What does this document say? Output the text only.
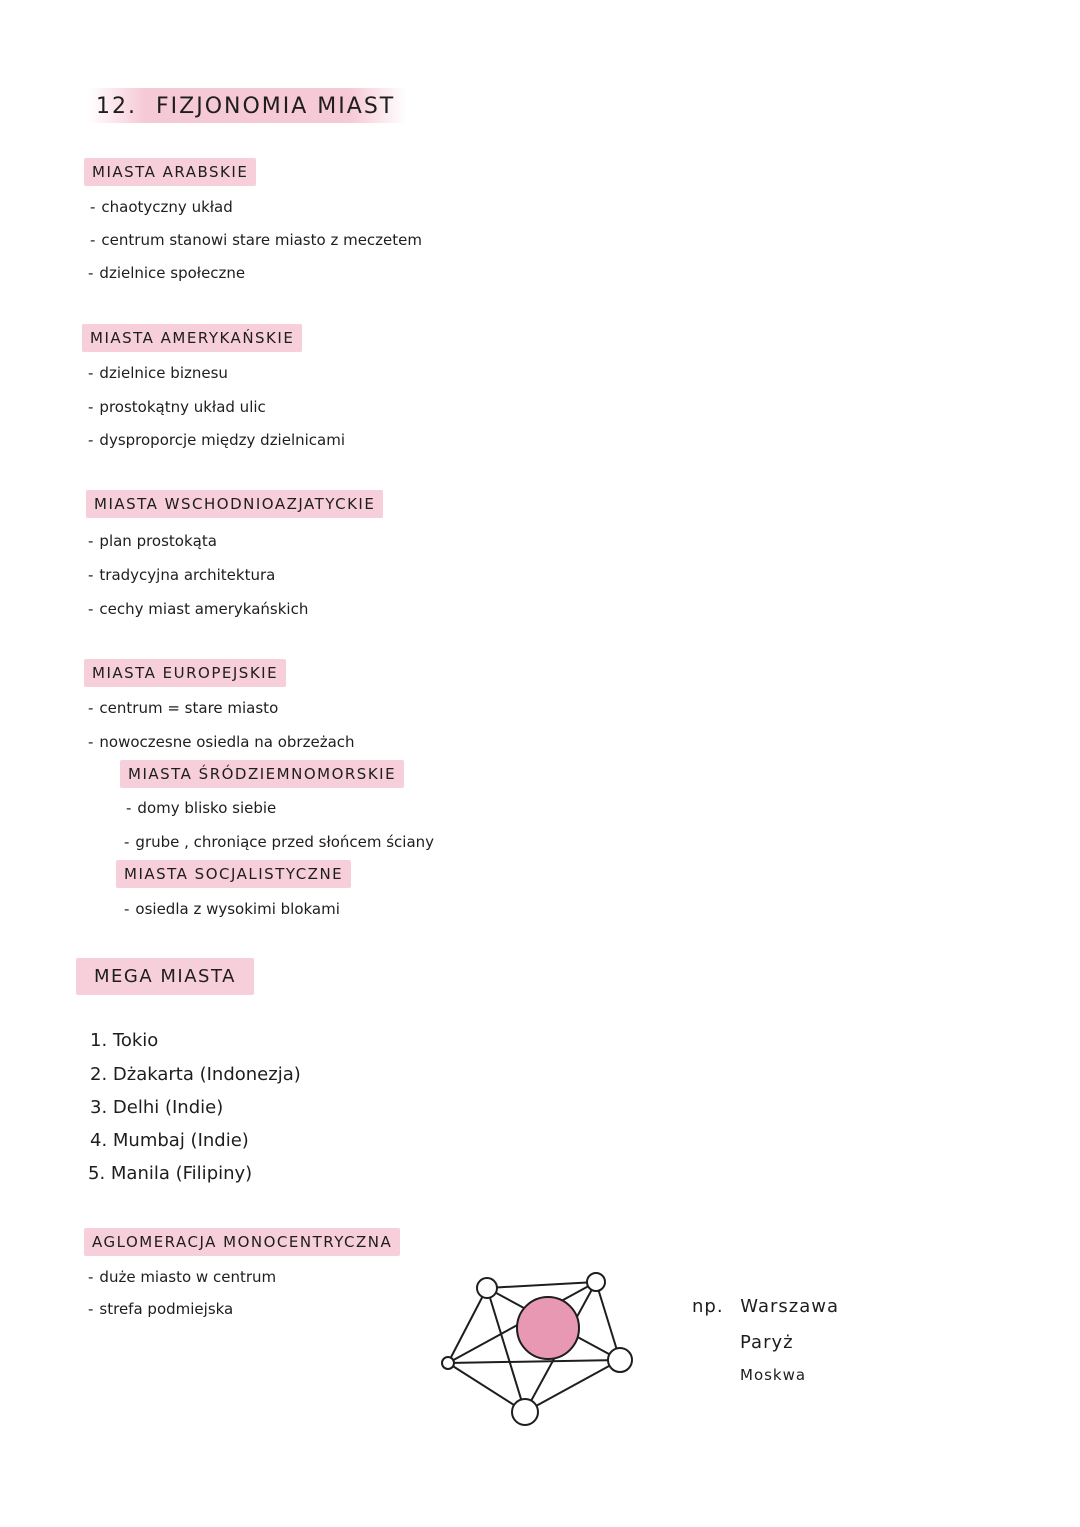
12. FIZJONOMIA MIAST
MIASTA ARABSKIE
- chaotyczny układ
- centrum stanowi stare miasto z meczetem
- dzielnice społeczne
MIASTA AMERYKAŃSKIE
- dzielnice biznesu
- prostokątny układ ulic
- dysproporcje między dzielnicami
MIASTA WSCHODNIOAZJATYCKIE
- plan prostokąta
- tradycyjna architektura
- cechy miast amerykańskich
MIASTA EUROPEJSKIE
- centrum = stare miasto
- nowoczesne osiedla na obrzeżach
MIASTA ŚRÓDZIEMNOMORSKIE
- domy blisko siebie
- grube , chroniące przed słońcem ściany
MIASTA SOCJALISTYCZNE
- osiedla z wysokimi blokami
MEGA MIASTA
1. Tokio
2. Dżakarta (Indonezja)
3. Delhi (Indie)
4. Mumbaj (Indie)
5. Manila (Filipiny)
AGLOMERACJA MONOCENTRYCZNA
- duże miasto w centrum
- strefa podmiejska	np. Warszawa
Paryż
Moskwa
